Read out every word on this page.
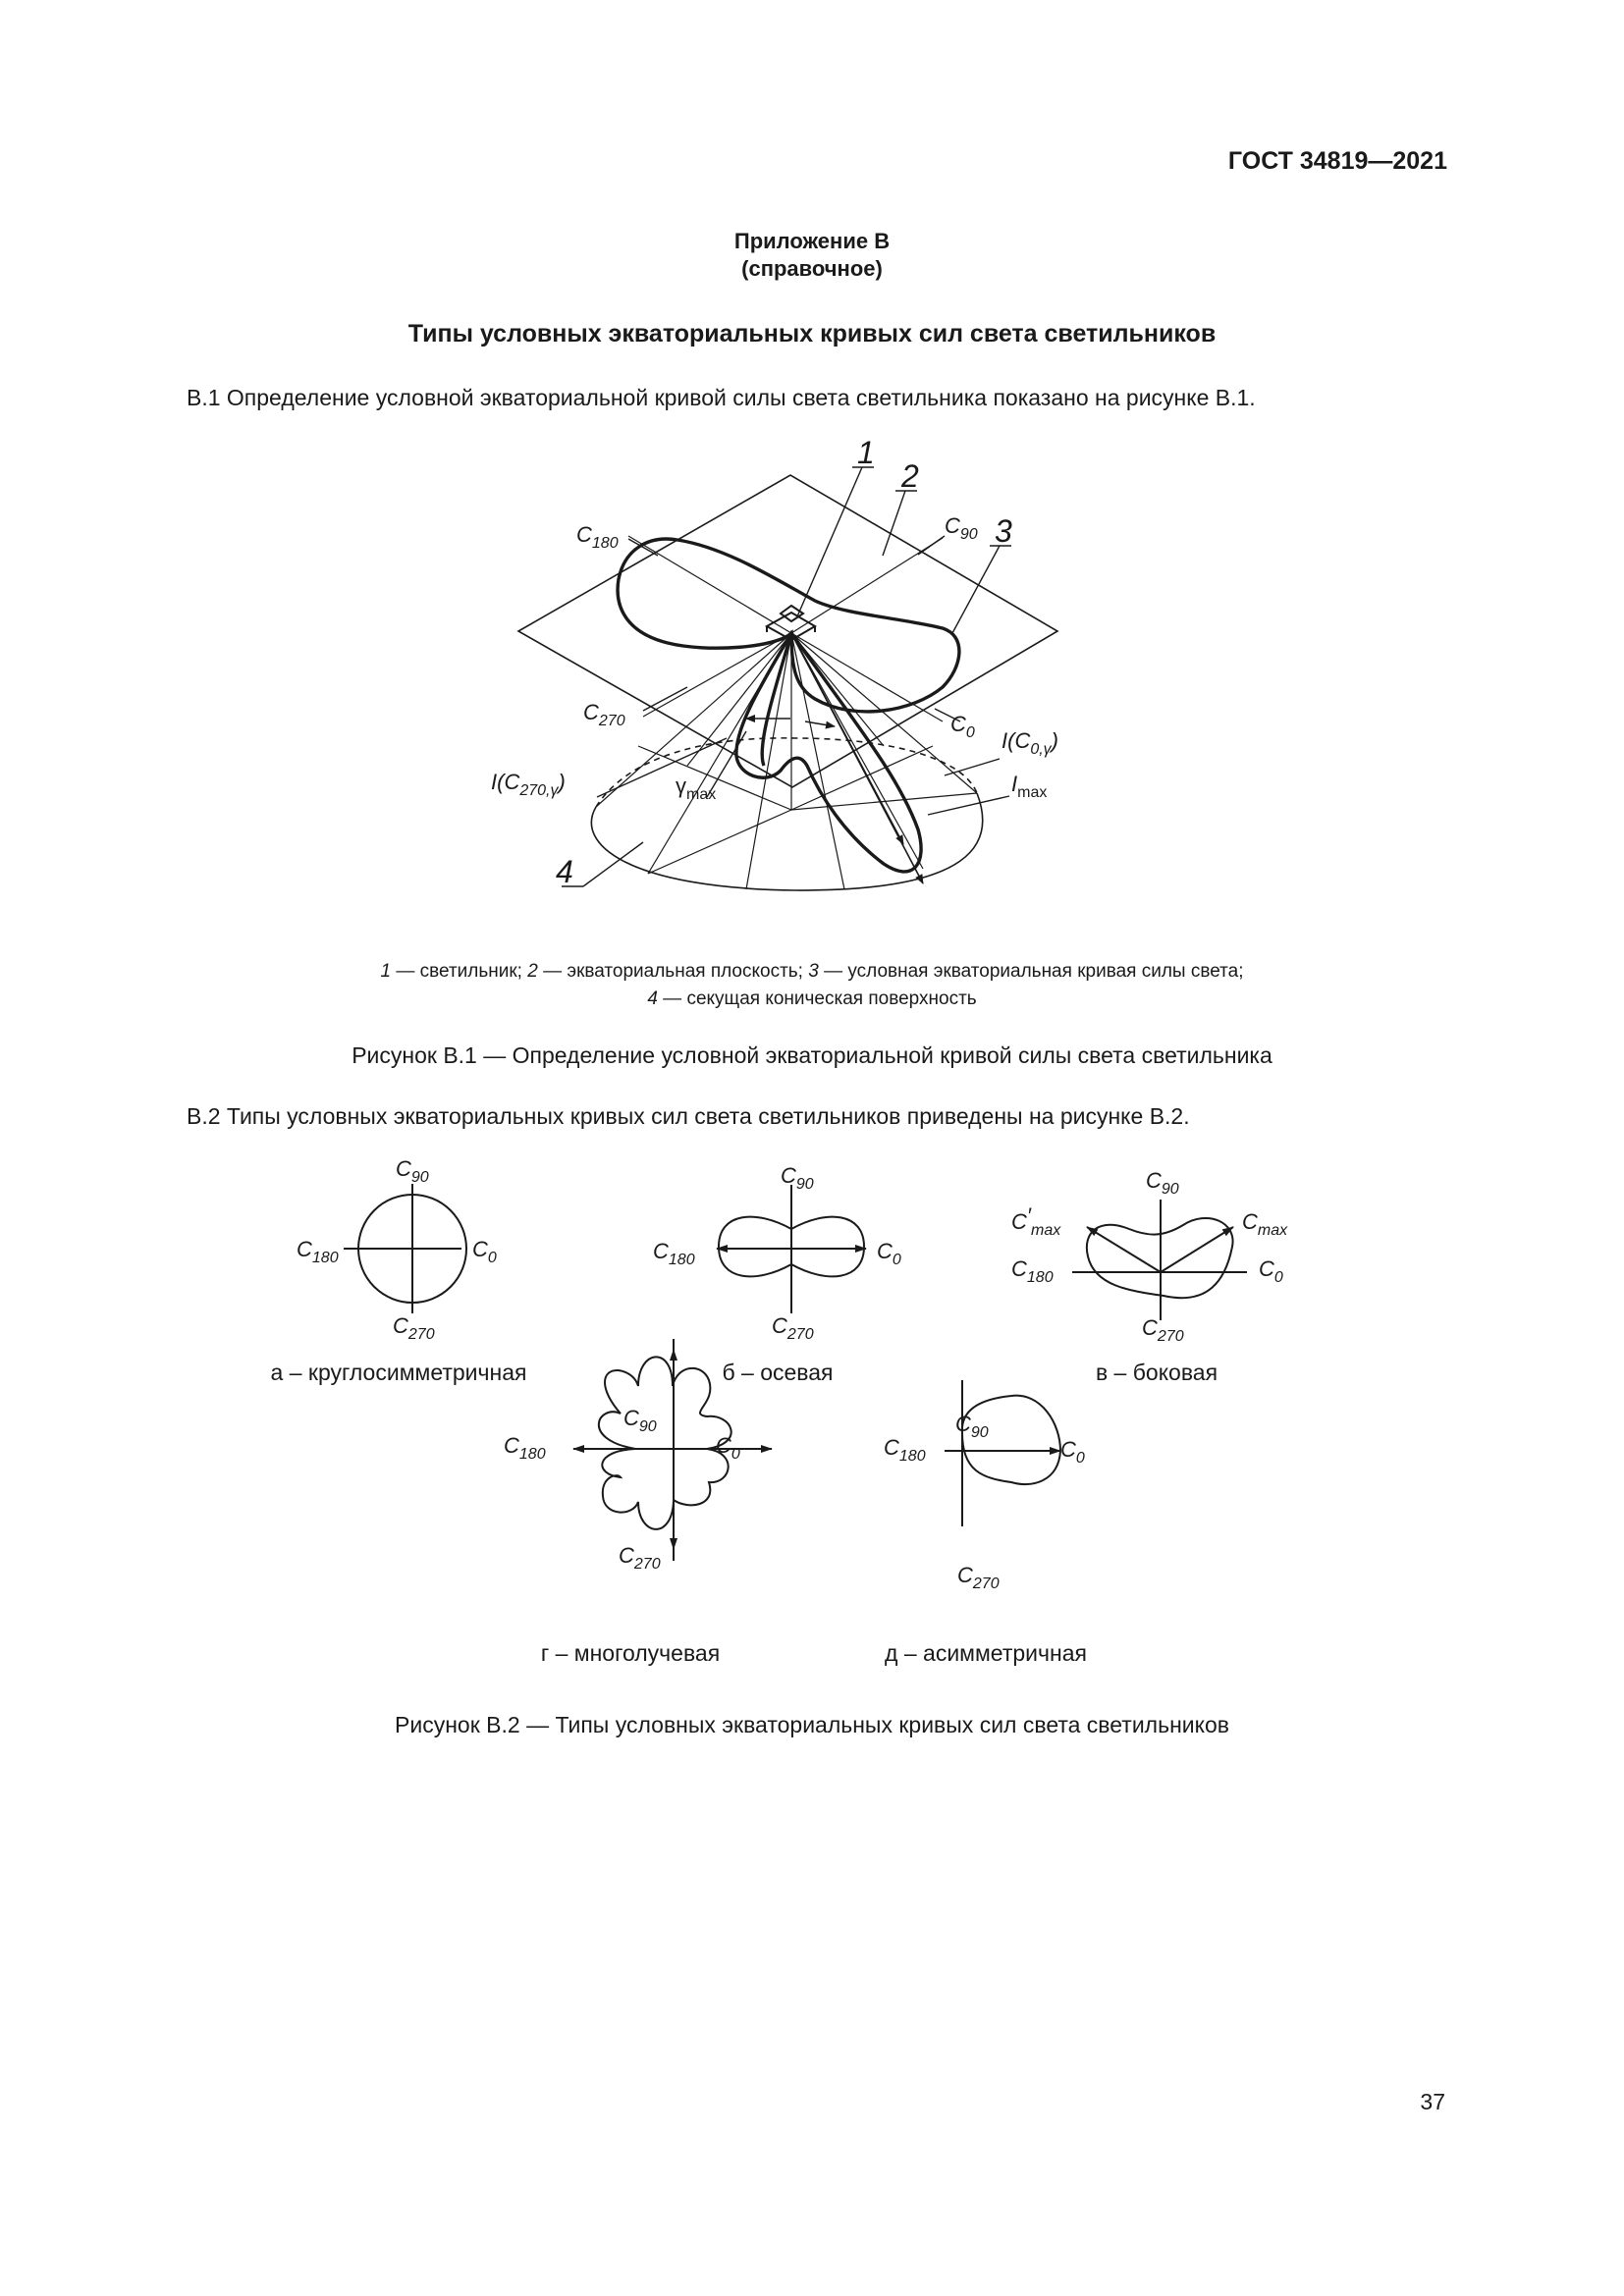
ГОСТ 34819—2021
Приложение В
(справочное)
Типы условных экваториальных кривых сил света светильников
В.1 Определение условной экваториальной кривой силы света светильника показано на рисунке В.1.
1
2
3
4
$C_{180}$
$C_{90}$
$C_{270}$	$C_0$ $I(C_{0,\gamma})$
$I(C_{270,\gamma})$	$\gamma_{max}$	$I_{max}$
1 — светильник; 2 — экваториальная плоскость; 3 — условная экваториальная кривая силы света;
4 — секущая коническая поверхность
Рисунок В.1 — Определение условной экваториальной кривой силы света светильника
В.2 Типы условных экваториальных кривых сил света светильников приведены на рисунке В.2.
$C_{90}$
$C_{180}$	$C_0$
$C_{270}$
$C_{90}$
$C_{180}$	$C_0$
$C_{270}$
$C_{90}$
$C'_{max}$	$C_{max}$
$C_{180}$	$C_0$
$C_{270}$
$C_{90}$
$C_{180}$	$C_0$
$C_{270}$
$C_{90}$
$C_{180}$	$C_0$
$C_{270}$
а – круглосимметричная	б – осевая	в – боковая
г – многолучевая	д – асимметричная
Рисунок В.2 — Типы условных экваториальных кривых сил света светильников
37
